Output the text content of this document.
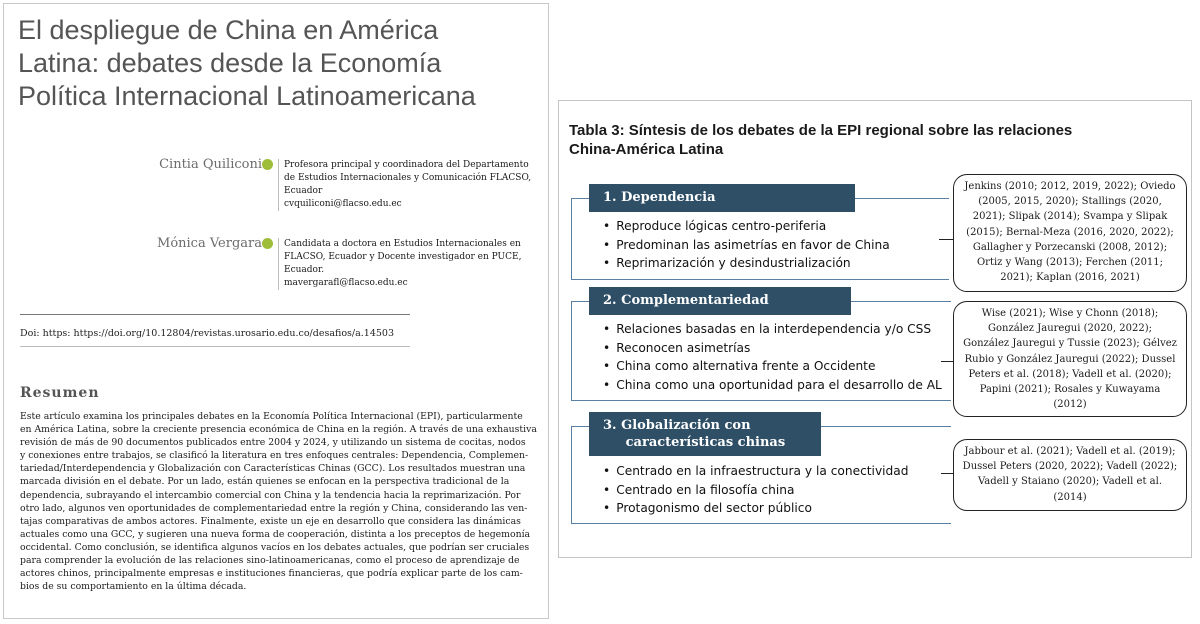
El despliegue de China en América
Latina: debates desde la Economía
Política Internacional Latinoamericana
Cintia Quiliconi Profesora principal y coordinadora del Departamento
de Estudios Internacionales y Comunicación FLACSO,
Ecuador
cvquiliconi@flacso.edu.ec
Mónica Vergara Candidata a doctora en Estudios Internacionales en
FLACSO, Ecuador y Docente investigador en PUCE,
Ecuador.
mavergarafl@flacso.edu.ec
Doi: https: https://doi.org/10.12804/revistas.urosario.edu.co/desafios/a.14503
Resumen
Este artículo examina los principales debates en la Economía Política Internacional (EPI), particularmente
en América Latina, sobre la creciente presencia económica de China en la región. A través de una exhaustiva
revisión de más de 90 documentos publicados entre 2004 y 2024, y utilizando un sistema de cocitas, nodos
y conexiones entre trabajos, se clasificó la literatura en tres enfoques centrales: Dependencia, Complemen-
tariedad/Interdependencia y Globalización con Características Chinas (GCC). Los resultados muestran una
marcada división en el debate. Por un lado, están quienes se enfocan en la perspectiva tradicional de la
dependencia, subrayando el intercambio comercial con China y la tendencia hacia la reprimarización. Por
otro lado, algunos ven oportunidades de complementariedad entre la región y China, considerando las ven-
tajas comparativas de ambos actores. Finalmente, existe un eje en desarrollo que considera las dinámicas
actuales como una GCC, y sugieren una nueva forma de cooperación, distinta a los preceptos de hegemonía
occidental. Como conclusión, se identifica algunos vacíos en los debates actuales, que podrían ser cruciales
para comprender la evolución de las relaciones sino-latinoamericanas, como el proceso de aprendizaje de
actores chinos, principalmente empresas e instituciones financieras, que podría explicar parte de los cam-
bios de su comportamiento en la última década.
Tabla 3: Síntesis de los debates de la EPI regional sobre las relaciones
China-América Latina
1. Dependencia
• Reproduce lógicas centro-periferia
• Predominan las asimetrías en favor de China
• Reprimarización y desindustrialización
Jenkins (2010; 2012, 2019, 2022); Oviedo
(2005, 2015, 2020); Stallings (2020,
2021); Slipak (2014); Svampa y Slipak
(2015); Bernal-Meza (2016, 2020, 2022);
Gallagher y Porzecanski (2008, 2012);
Ortiz y Wang (2013); Ferchen (2011;
2021); Kaplan (2016, 2021)
2. Complementariedad
• Relaciones basadas en la interdependencia y/o CSS
• Reconocen asimetrías
• China como alternativa frente a Occidente
• China como una oportunidad para el desarrollo de AL
Wise (2021); Wise y Chonn (2018);
González Jauregui (2020, 2022);
González Jauregui y Tussie (2023); Gélvez
Rubio y González Jauregui (2022); Dussel
Peters et al. (2018); Vadell et al. (2020);
Papini (2021); Rosales y Kuwayama
(2012)
3. Globalización con
características chinas
• Centrado en la infraestructura y la conectividad
• Centrado en la filosofía china
• Protagonismo del sector público
Jabbour et al. (2021); Vadell et al. (2019);
Dussel Peters (2020, 2022); Vadell (2022);
Vadell y Staiano (2020); Vadell et al.
(2014)
